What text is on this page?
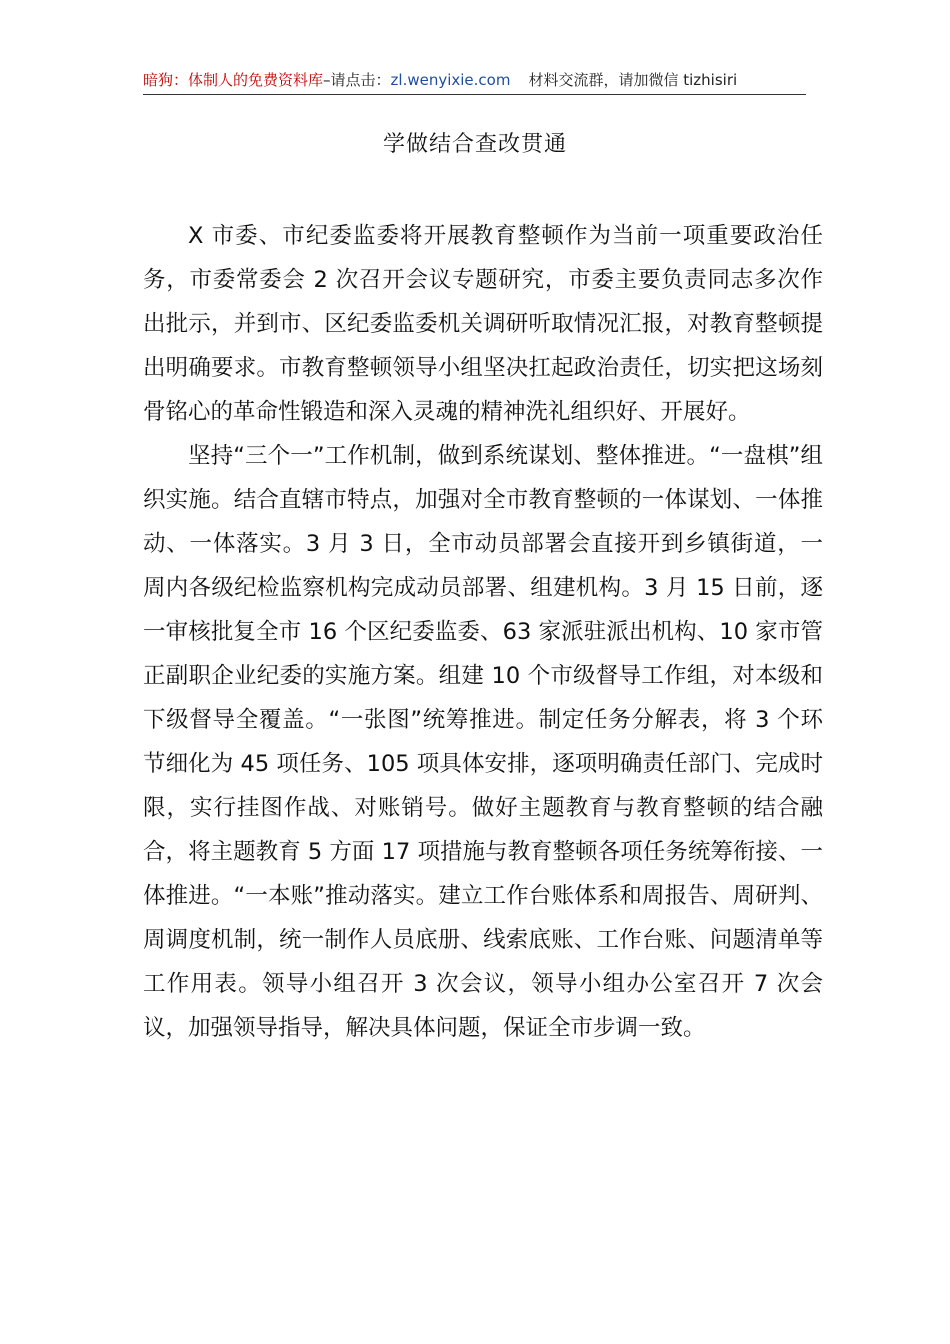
暗狗：体制人的免费资料库–请点击：zl.wenyixie.com 材料交流群，请加微信 tizhisiri
学做结合查改贯通

X 市委、市纪委监委将开展教育整顿作为当前一项重要政治任务，市委常委会 2 次召开会议专题研究，市委主要负责同志多次作出批示，并到市、区纪委监委机关调研听取情况汇报，对教育整顿提出明确要求。市教育整顿领导小组坚决扛起政治责任，切实把这场刻骨铭心的革命性锻造和深入灵魂的精神洗礼组织好、开展好。

坚持“三个一”工作机制，做到系统谋划、整体推进。“一盘棋”组织实施。结合直辖市特点，加强对全市教育整顿的一体谋划、一体推动、一体落实。3 月 3 日，全市动员部署会直接开到乡镇街道，一周内各级纪检监察机构完成动员部署、组建机构。3 月 15 日前，逐一审核批复全市 16 个区纪委监委、63 家派驻派出机构、10 家市管正副职企业纪委的实施方案。组建 10 个市级督导工作组，对本级和下级督导全覆盖。“一张图”统筹推进。制定任务分解表，将 3 个环节细化为 45 项任务、105 项具体安排，逐项明确责任部门、完成时限，实行挂图作战、对账销号。做好主题教育与教育整顿的结合融合，将主题教育 5 方面 17 项措施与教育整顿各项任务统筹衔接、一体推进。“一本账”推动落实。建立工作台账体系和周报告、周研判、周调度机制，统一制作人员底册、线索底账、工作台账、问题清单等工作用表。领导小组召开 3 次会议，领导小组办公室召开 7 次会议，加强领导指导，解决具体问题，保证全市步调一致。
